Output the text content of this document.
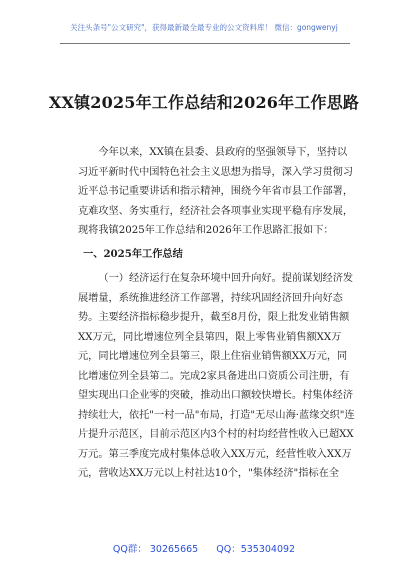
关注头条号"公文研究"，获得最新最全最专业的公文资料库！ 微信：gongwenyj
XX镇2025年工作总结和2026年工作思路

今年以来，XX镇在县委、县政府的坚强领导下，坚持以习近平新时代中国特色社会主义思想为指导，深入学习贯彻习近平总书记重要讲话和指示精神，围绕今年省市县工作部署，克难攻坚、务实重行，经济社会各项事业实现平稳有序发展，现将我镇2025年工作总结和2026年工作思路汇报如下：

一、2025年工作总结

（一）经济运行在复杂环境中回升向好。提前谋划经济发展增量，系统推进经济工作部署，持续巩固经济回升向好态势。主要经济指标稳步提升，截至8月份，限上批发业销售额XX万元，同比增速位列全县第四，限上零售业销售额XX万元，同比增速位列全县第三，限上住宿业销售额XX万元，同比增速位列全县第二。完成2家具备进出口资质公司注册，有望实现出口企业零的突破，推动出口额较快增长。村集体经济持续壮大，依托"一村一品"布局，打造"无尽山海·蓝缘交织"连片提升示范区，目前示范区内3个村的村均经营性收入已超XX万元。第三季度完成村集体总收入XX万元，经营性收入XX万元，营收达XX万元以上村社达10个，"集体经济"指标在全

QQ群： 30265665 QQ：535304092
